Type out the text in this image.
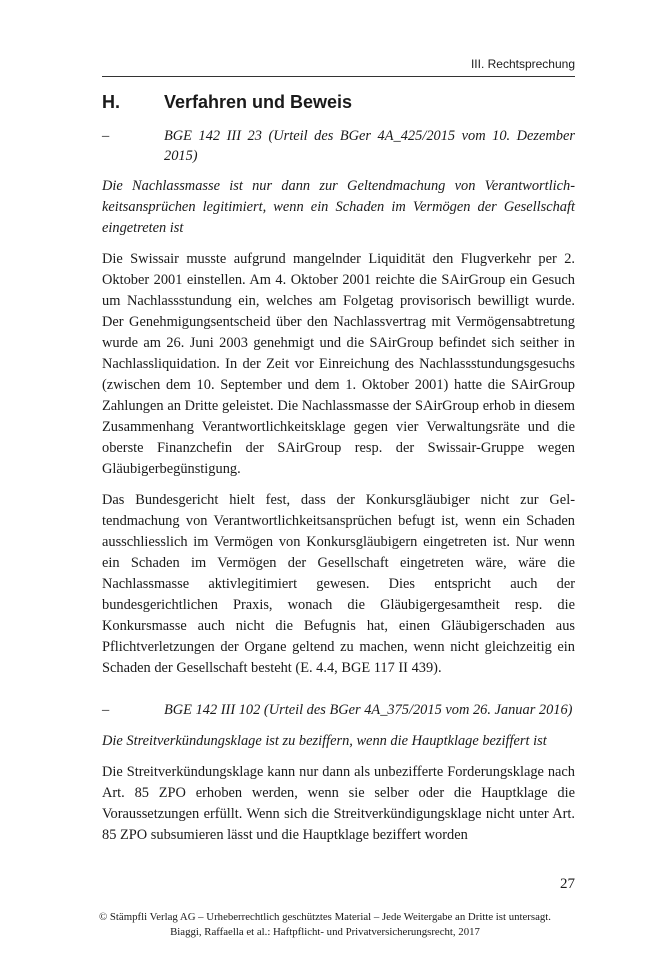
III. Rechtsprechung
H.	Verfahren und Beweis
–	BGE 142 III 23 (Urteil des BGer 4A_425/2015 vom 10. Dezember 2015)
Die Nachlassmasse ist nur dann zur Geltendmachung von Verantwortlichkeitsansprüchen legitimiert, wenn ein Schaden im Vermögen der Gesellschaft eingetreten ist

Die Swissair musste aufgrund mangelnder Liquidität den Flugverkehr per 2. Oktober 2001 einstellen. Am 4. Oktober 2001 reichte die SAirGroup ein Gesuch um Nachlassstundung ein, welches am Folgetag provisorisch bewilligt wurde. Der Genehmigungsentscheid über den Nachlassvertrag mit Vermögensabtretung wurde am 26. Juni 2003 genehmigt und die SAirGroup befindet sich seither in Nachlassliquidation. In der Zeit vor Einreichung des Nachlassstundungsgesuchs (zwischen dem 10. September und dem 1. Oktober 2001) hatte die SAirGroup Zahlungen an Dritte geleistet. Die Nachlassmasse der SAirGroup erhob in diesem Zusammenhang Verantwortlichkeitsklage gegen vier Verwaltungsräte und die oberste Finanzchefin der SAirGroup resp. der Swissair-Gruppe wegen Gläubigerbegünstigung.

Das Bundesgericht hielt fest, dass der Konkursgläubiger nicht zur Geltendmachung von Verantwortlichkeitsansprüchen befugt ist, wenn ein Schaden ausschliesslich im Vermögen von Konkursgläubigern eingetreten ist. Nur wenn ein Schaden im Vermögen der Gesellschaft eingetreten wäre, wäre die Nachlassmasse aktivlegitimiert gewesen. Dies entspricht auch der bundesgerichtlichen Praxis, wonach die Gläubigergesamtheit resp. die Konkursmasse auch nicht die Befugnis hat, einen Gläubigerschaden aus Pflichtverletzungen der Organe geltend zu machen, wenn nicht gleichzeitig ein Schaden der Gesellschaft besteht (E. 4.4, BGE 117 II 439).

–	BGE 142 III 102 (Urteil des BGer 4A_375/2015 vom 26. Januar 2016)
Die Streitverkündungsklage ist zu beziffern, wenn die Hauptklage beziffert ist

Die Streitverkündungsklage kann nur dann als unbezifferte Forderungsklage nach Art. 85 ZPO erhoben werden, wenn sie selber oder die Hauptklage die Voraussetzungen erfüllt. Wenn sich die Streitverkündigungsklage nicht unter Art. 85 ZPO subsumieren lässt und die Hauptklage beziffert worden

27
© Stämpfli Verlag AG – Urheberrechtlich geschütztes Material – Jede Weitergabe an Dritte ist untersagt.
Biaggi, Raffaella et al.: Haftpflicht- und Privatversicherungsrecht, 2017
